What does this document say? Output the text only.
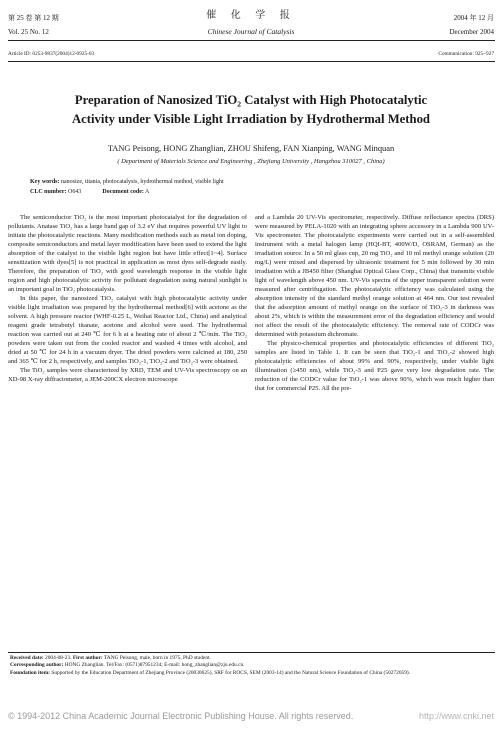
第 25 卷 第 12 期
Vol. 25 No. 12
催 化 学 报
Chinese Journal of Catalysis
2004 年 12 月
December 2004
Article ID: 0253-9837(2004)12-0925-03	Communication: 925~927
Preparation of Nanosized TiO₂ Catalyst with High Photocatalytic
Activity under Visible Light Irradiation by Hydrothermal Method
TANG Peisong, HONG Zhanglian, ZHOU Shifeng, FAN Xianping, WANG Minquan
( Department of Materials Science and Engineering , Zhejiang University , Hangzhou 310027 , China)
Key words: nanosize, titania, photocatalysis, hydrothermal method, visible light
CLC number: O643	Document code: A

The semiconductor TiO₂ is the most important photocatalyst for the degradation of pollutants. Anatase TiO₂ has a large band gap of 3.2 eV that requires powerful UV light to initiate the photocatalytic reactions. Many modification methods such as metal ion doping, composite semiconductors and metal layer modification have been used to extend the light absorption of the catalyst to the visible light region but have little effect[1~4]. Surface sensitization with dyes[5] is not practical in application as most dyes self-degrade easily. Therefore, the preparation of TiO₂ with good wavelength response in the visible light region and high photocatalytic activity for pollutant degradation using natural sunlight is an important goal in TiO₂ photocatalysis.

In this paper, the nanosized TiO₂ catalyst with high photocatalytic activity under visible light irradiation was prepared by the hydrothermal method[6] with acetone as the solvent. A high pressure reactor (WHF-0.25 L, Weihai Reactor Ltd., China) and analytical reagent grade tetrabutyl titanate, acetone and alcohol were used. The hydrothermal reaction was carried out at 240 ℃ for 6 h at a heating rate of about 2 ℃/min. The TiO₂ powders were taken out from the cooled reactor and washed 4 times with alcohol, and dried at 50 ℃ for 24 h in a vacuum dryer. The dried powders were calcined at 180, 250 and 365 ℃ for 2 h, respectively, and samples TiO₂-1, TiO₂-2 and TiO₂-3 were obtained.

The TiO₂ samples were characterized by XRD, TEM and UV-Vis spectroscopy on an XD-98 X-ray diffractometer, a JEM-200CX electron microscope

and a Lambda 20 UV-Vis spectrometer, respectively. Diffuse reflectance spectra (DRS) were measured by PELA-1020 with an integrating sphere accessory in a Lambda 900 UV-Vis spectrometer. The photocatalytic experiments were carried out in a self-assembled instrument with a metal halogen lamp (HQI-BT, 400W/D, OSRAM, German) as the irradiation source. In a 50 ml glass cup, 20 mg TiO₂ and 10 ml methyl orange solution (20 mg/L) were mixed and dispersed by ultrasonic treatment for 5 min followed by 30 min irradiation with a JB450 filter (Shanghai Optical Glass Corp., China) that transmits visible light of wavelength above 450 nm. UV-Vis spectra of the upper transparent solution were measured after centrifugation. The photocatalytic efficiency was calculated using the absorption intensity of the standard methyl orange solution at 464 nm. Our test revealed that the adsorption amount of methyl orange on the surface of TiO₂-3 in darkness was about 2%, which is within the measurement error of the degradation efficiency and would not affect the result of the photocatalytic efficiency. The removal rate of CODCr was determined with potassium dichromate.

The physico-chemical properties and photocatalytic efficiencies of different TiO₂ samples are listed in Table 1. It can be seen that TiO₂-1 and TiO₂-2 showed high photocatalytic efficiencies of about 99% and 90%, respectively, under visible light illumination (≥450 nm), while TiO₂-3 and P25 gave very low degradation rate. The reduction of the CODCr value for TiO₂-1 was above 90%, which was much higher than that for commercial P25. All the pre-

Received date: 2004-08-23. First author: TANG Peisong, male, born in 1975, PhD student.
Corresponding author: HONG Zhanglian. Tel/Fax: (0571)87951234; E-mail: hong_zhanglian@zju.edu.cn.
Foundation item: Supported by the Education Department of Zhejiang Province (20030625), SRF for ROCS, SEM (2003-14) and the Natural Science Foundation of China (50272059).
© 1994-2012 China Academic Journal Electronic Publishing House. All rights reserved.	http://www.cnki.net
